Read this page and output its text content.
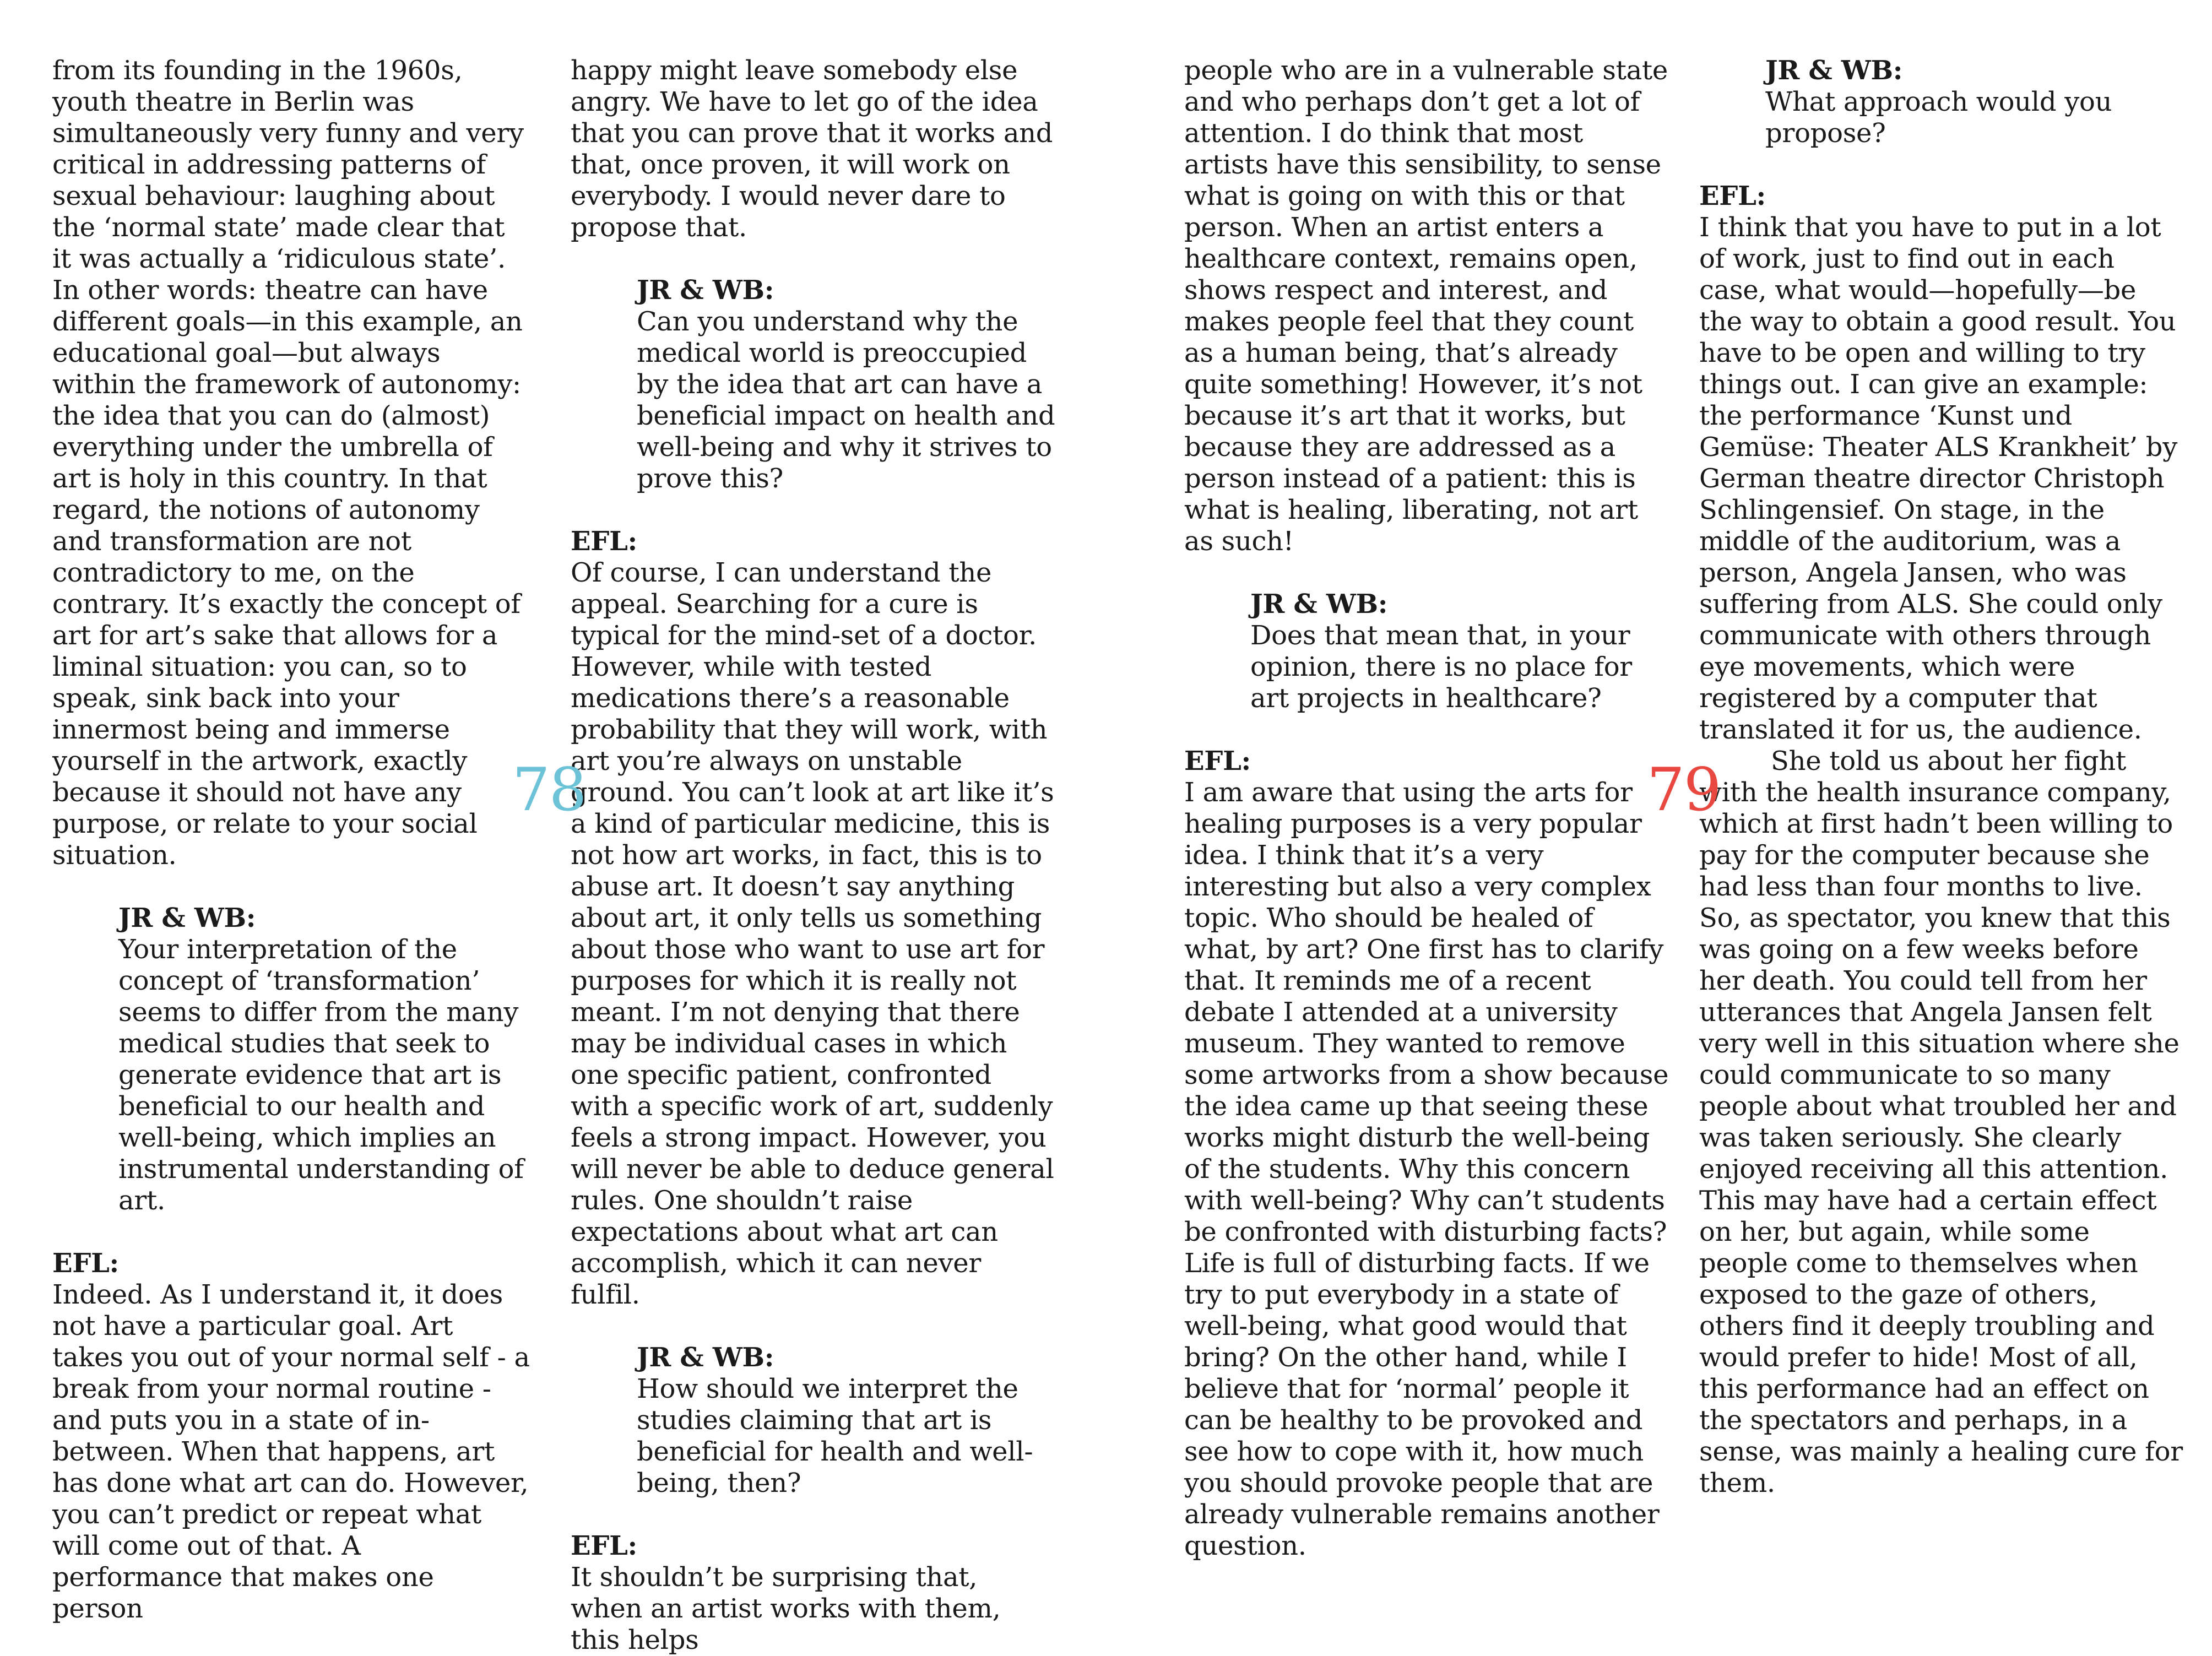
from its founding in the 1960s, youth theatre in Berlin was simultaneously very funny and very critical in addressing patterns of sexual behaviour: laughing about the ‘normal state’ made clear that it was actually a ‘ridiculous state’. In other words: theatre can have different goals—in this example, an educational goal—but always within the framework of autonomy: the idea that you can do (almost) everything under the umbrella of art is holy in this country. In that regard, the notions of autonomy and transformation are not contradictory to me, on the contrary. It’s exactly the concept of art for art’s sake that allows for a liminal situation: you can, so to speak, sink back into your innermost being and immerse yourself in the artwork, exactly because it should not have any purpose, or relate to your social situation.

JR & WB:

Your interpretation of the concept of ‘transformation’ seems to differ from the many medical studies that seek to generate evidence that art is beneficial to our health and well-being, which implies an instrumental understanding of art.

EFL:

Indeed. As I understand it, it does not have a particular goal. Art takes you out of your normal self - a break from your normal routine - and puts you in a state of in-between. When that happens, art has done what art can do. However, you can’t predict or repeat what will come out of that. A performance that makes one person

happy might leave somebody else angry. We have to let go of the idea that you can prove that it works and that, once proven, it will work on everybody. I would never dare to propose that.

JR & WB:

Can you understand why the medical world is preoccupied by the idea that art can have a beneficial impact on health and well-being and why it strives to prove this?

EFL:

Of course, I can understand the appeal. Searching for a cure is typical for the mind-set of a doctor. However, while with tested medications there’s a reasonable probability that they will work, with art you’re always on unstable ground. You can’t look at art like it’s a kind of particular medicine, this is not how art works, in fact, this is to abuse art. It doesn’t say anything about art, it only tells us something about those who want to use art for purposes for which it is really not meant. I’m not denying that there may be individual cases in which one specific patient, confronted with a specific work of art, suddenly feels a strong impact. However, you will never be able to deduce general rules. One shouldn’t raise expectations about what art can accomplish, which it can never fulfil.

JR & WB:

How should we interpret the studies claiming that art is beneficial for health and well-being, then?

EFL:

It shouldn’t be surprising that, when an artist works with them, this helps

people who are in a vulnerable state and who perhaps don’t get a lot of attention. I do think that most artists have this sensibility, to sense what is going on with this or that person. When an artist enters a healthcare context, remains open, shows respect and interest, and makes people feel that they count as a human being, that’s already quite something! However, it’s not because it’s art that it works, but because they are addressed as a person instead of a patient: this is what is healing, liberating, not art as such!

JR & WB:

Does that mean that, in your opinion, there is no place for art projects in healthcare?

EFL:

I am aware that using the arts for healing purposes is a very popular idea. I think that it’s a very interesting but also a very complex topic. Who should be healed of what, by art? One first has to clarify that. It reminds me of a recent debate I attended at a university museum. They wanted to remove some artworks from a show because the idea came up that seeing these works might disturb the well-being of the students. Why this concern with well-being? Why can’t students be confronted with disturbing facts? Life is full of disturbing facts. If we try to put everybody in a state of well-being, what good would that bring? On the other hand, while I believe that for ‘normal’ people it can be healthy to be provoked and see how to cope with it, how much you should provoke people that are already vulnerable remains another question.

JR & WB:

What approach would you propose?

EFL:

I think that you have to put in a lot of work, just to find out in each case, what would—hopefully—be the way to obtain a good result. You have to be open and willing to try things out. I can give an example: the performance ‘Kunst und Gemüse: Theater ALS Krankheit’ by German theatre director Christoph Schlingensief. On stage, in the middle of the auditorium, was a person, Angela Jansen, who was suffering from ALS. She could only communicate with others through eye movements, which were registered by a computer that translated it for us, the audience.

She told us about her fight with the health insurance company, which at first hadn’t been willing to pay for the computer because she had less than four months to live. So, as spectator, you knew that this was going on a few weeks before her death. You could tell from her utterances that Angela Jansen felt very well in this situation where she could communicate to so many people about what troubled her and was taken seriously. She clearly enjoyed receiving all this attention. This may have had a certain effect on her, but again, while some people come to themselves when exposed to the gaze of others, others find it deeply troubling and would prefer to hide! Most of all, this performance had an effect on the spectators and perhaps, in a sense, was mainly a healing cure for them.

78	79
